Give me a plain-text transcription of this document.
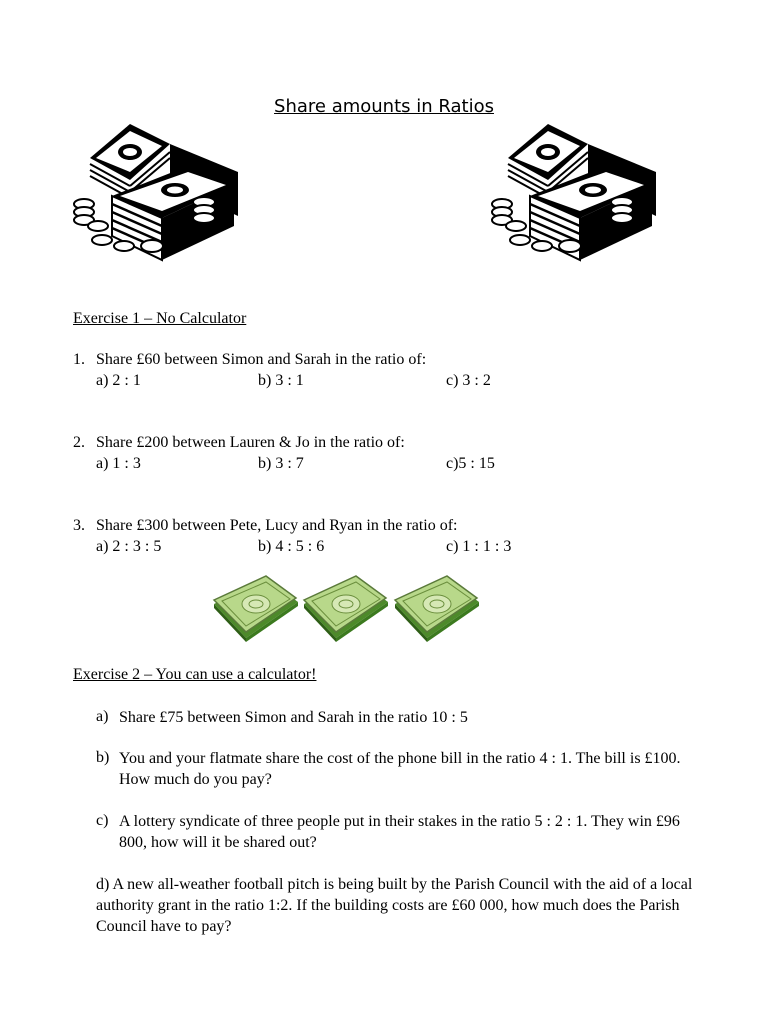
Share amounts in Ratios
Exercise 1 – No Calculator
1. Share £60 between Simon and Sarah in the ratio of:
a) 2 : 1	b) 3 : 1	c) 3 : 2
2. Share £200 between Lauren & Jo in the ratio of:
a) 1 : 3	b) 3 : 7	c)5 : 15
3. Share £300 between Pete, Lucy and Ryan in the ratio of:
a) 2 : 3 : 5	b) 4 : 5 : 6	c) 1 : 1 : 3
Exercise 2 – You can use a calculator!
a) Share £75 between Simon and Sarah in the ratio 10 : 5
b) You and your flatmate share the cost of the phone bill in the ratio 4 : 1. The bill is £100. How much do you pay?
c) A lottery syndicate of three people put in their stakes in the ratio 5 : 2 : 1. They win £96 800, how will it be shared out?
d) A new all-weather football pitch is being built by the Parish Council with the aid of a local authority grant in the ratio 1:2. If the building costs are £60 000, how much does the Parish Council have to pay?
